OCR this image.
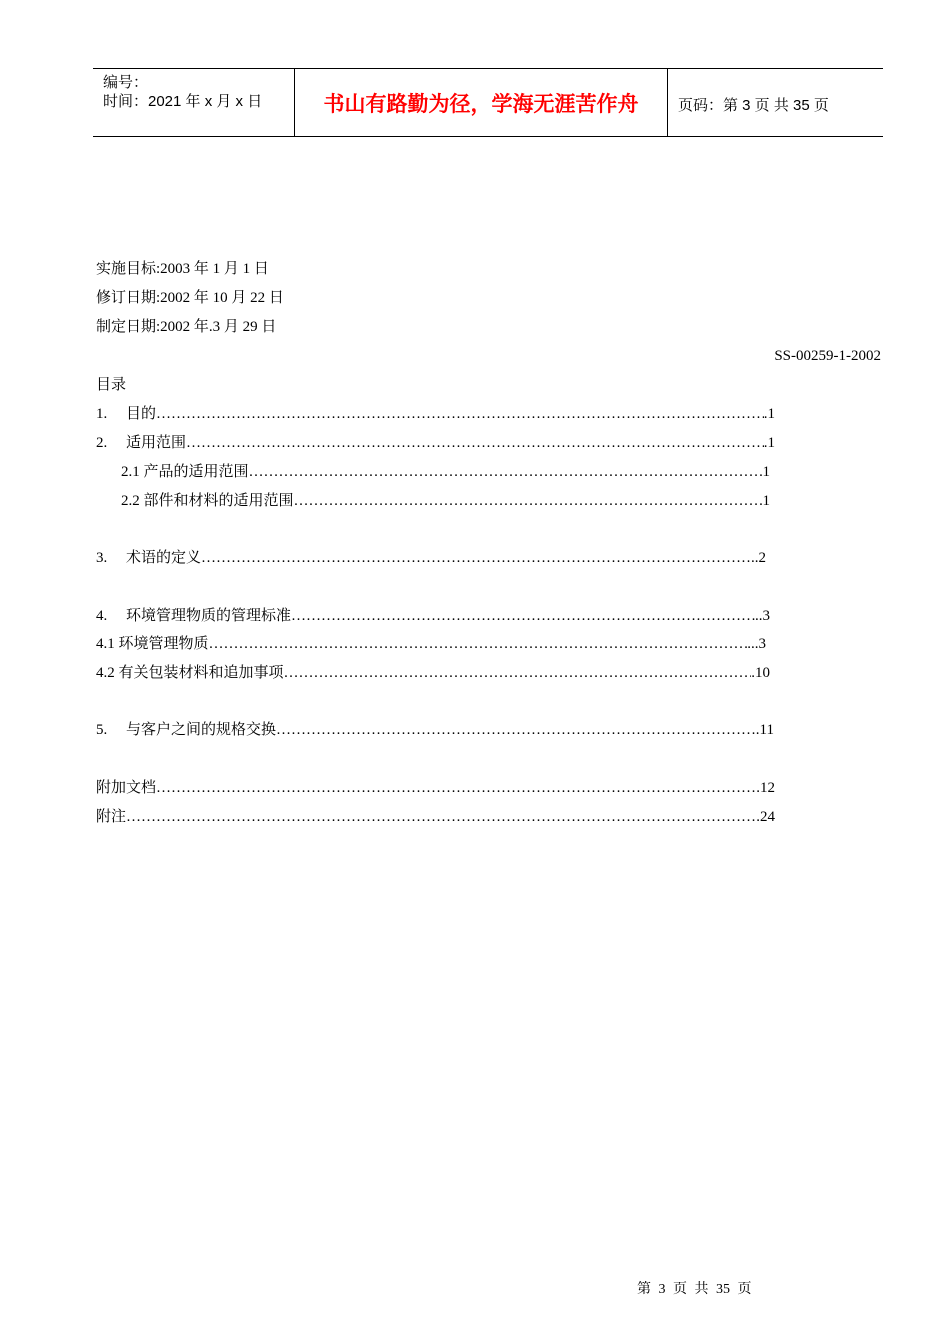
编号：
时间：2021 年 x 月 x 日	书山有路勤为径，学海无涯苦作舟	页码：第 3 页 共 35 页
实施目标:2003 年 1 月 1 日
修订日期:2002 年 10 月 22 日
制定日期:2002 年.3 月 29 日
SS-00259-1-2002
目录
1.	目的 …………………………………………………………………………………………………………………………………………………………………………………………………	.1
2.	适用范围 …………………………………………………………………………………………………………………………………………………………………………………………………	.1
2.1 产品的适用范围 …………………………………………………………………………………………………………………………………………………………………………………………………	1
2.2 部件和材料的适用范围 …………………………………………………………………………………………………………………………………………………………………………………………………	1
3.	术语的定义 …………………………………………………………………………………………………………………………………………………………………………………………………	..2
4.	环境管理物质的管理标准 …………………………………………………………………………………………………………………………………………………………………………………………………	..3
4.1 环境管理物质 …………………………………………………………………………………………………………………………………………………………………………………………………	...3
4.2 有关包装材料和追加事项 …………………………………………………………………………………………………………………………………………………………………………………………………	.10
5.	与客户之间的规格交换 …………………………………………………………………………………………………………………………………………………………………………………………………	.11
附加文档 …………………………………………………………………………………………………………………………………………………………………………………………………	.12
附注 …………………………………………………………………………………………………………………………………………………………………………………………………	.24
第 3 页 共 35 页
